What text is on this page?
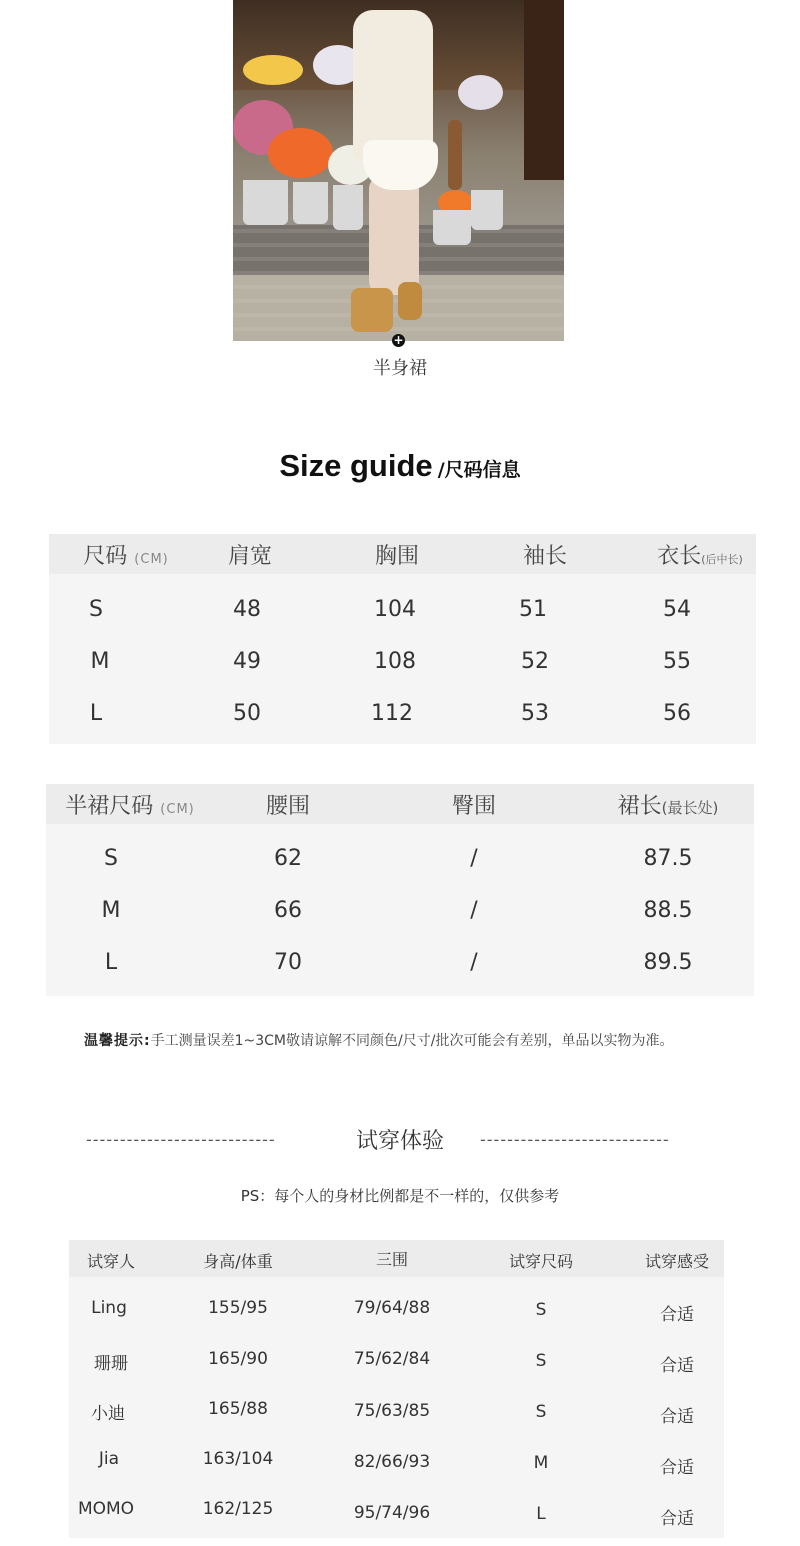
+
半身裙
Size guide /尺码信息
尺码 (CM)	肩宽	胸围	袖长	衣长(后中长)
S	48	104	51	54
M	49	108	52	55
L	50	112	53	56
半裙尺码 (CM)	腰围	臀围	裙长(最长处)
S	62	/	87.5
M	66	/	88.5
L	70	/	89.5
温馨提示:手工测量误差1~3CM敬请谅解不同颜色/尺寸/批次可能会有差别，单品以实物为准。
----------------------------	试穿体验	----------------------------
PS：每个人的身材比例都是不一样的，仅供参考
试穿人	身高/体重	三围	试穿尺码	试穿感受
Ling	155/95	79/64/88	S	合适
珊珊	165/90	75/62/84	S	合适
小迪	165/88	75/63/85	S	合适
Jia	163/104	82/66/93	M	合适
MOMO	162/125	95/74/96	L	合适
